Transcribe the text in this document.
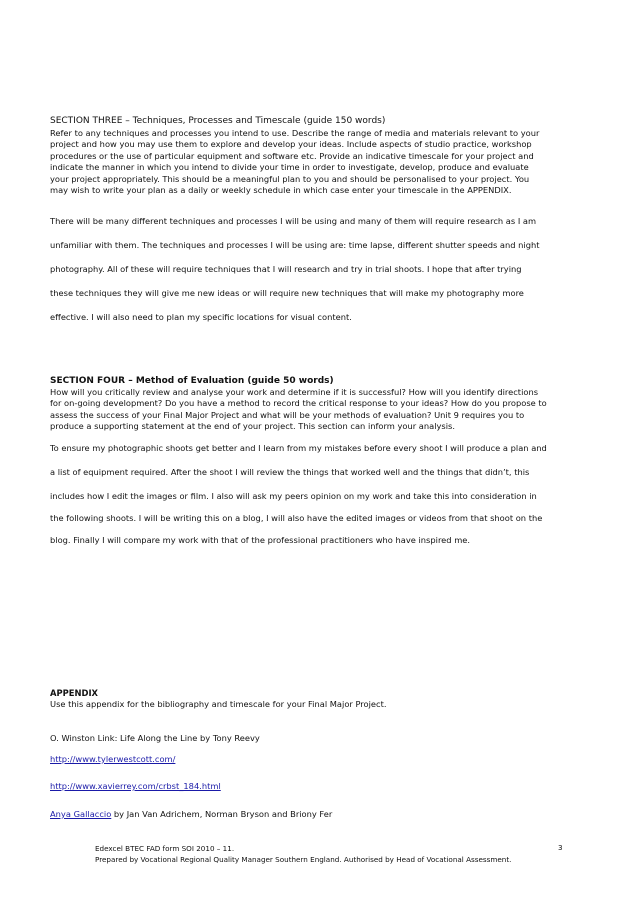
SECTION THREE – Techniques, Processes and Timescale (guide 150 words)

Refer to any techniques and processes you intend to use. Describe the range of media and materials relevant to your
project and how you may use them to explore and develop your ideas. Include aspects of studio practice, workshop
procedures or the use of particular equipment and software etc. Provide an indicative timescale for your project and
indicate the manner in which you intend to divide your time in order to investigate, develop, produce and evaluate
your project appropriately. This should be a meaningful plan to you and should be personalised to your project. You
may wish to write your plan as a daily or weekly schedule in which case enter your timescale in the APPENDIX.
There will be many different techniques and processes I will be using and many of them will require research as I am
unfamiliar with them. The techniques and processes I will be using are: time lapse, different shutter speeds and night
photography. All of these will require techniques that I will research and try in trial shoots. I hope that after trying
these techniques they will give me new ideas or will require new techniques that will make my photography more
effective. I will also need to plan my specific locations for visual content.

SECTION FOUR – Method of Evaluation (guide 50 words)

How will you critically review and analyse your work and determine if it is successful? How will you identify directions
for on-going development? Do you have a method to record the critical response to your ideas? How do you propose to
assess the success of your Final Major Project and what will be your methods of evaluation? Unit 9 requires you to
produce a supporting statement at the end of your project. This section can inform your analysis.
To ensure my photographic shoots get better and I learn from my mistakes before every shoot I will produce a plan and
a list of equipment required. After the shoot I will review the things that worked well and the things that didn’t, this
includes how I edit the images or film. I also will ask my peers opinion on my work and take this into consideration in
the following shoots. I will be writing this on a blog, I will also have the edited images or videos from that shoot on the
blog. Finally I will compare my work with that of the professional practitioners who have inspired me.

APPENDIX

Use this appendix for the bibliography and timescale for your Final Major Project.

O. Winston Link: Life Along the Line by Tony Reevy
http://www.tylerwestcott.com/
http://www.xavierrey.com/crbst_184.html
Anya Gallaccio by Jan Van Adrichem, Norman Bryson and Briony Fer
Edexcel BTEC FAD form SOI 2010 – 11.
Prepared by Vocational Regional Quality Manager Southern England. Authorised by Head of Vocational Assessment.
3
